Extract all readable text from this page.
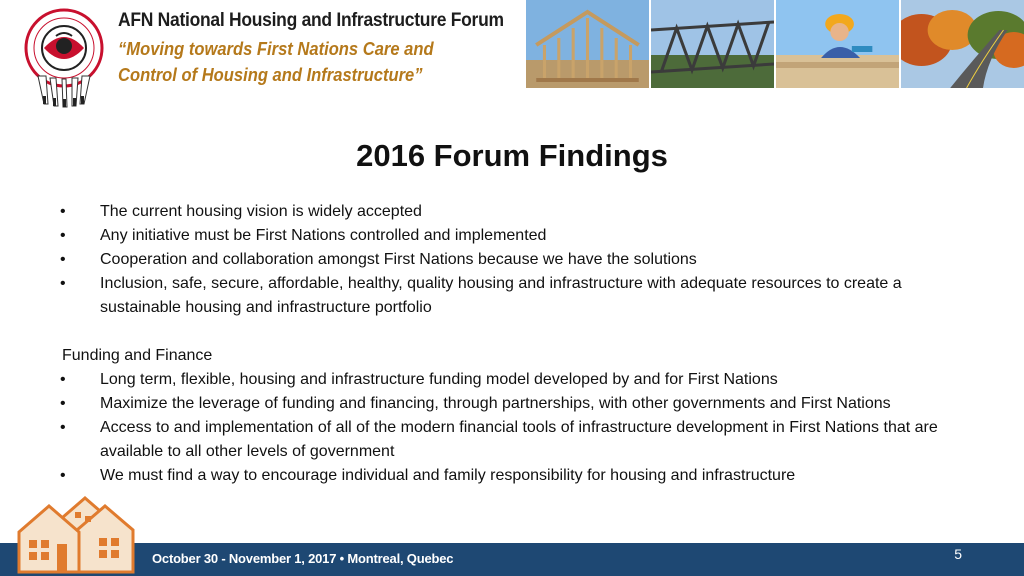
AFN National Housing and Infrastructure Forum
“Moving towards First Nations Care and
Control of Housing and Infrastructure”
2016 Forum Findings
• The current housing vision is widely accepted
• Any initiative must be First Nations controlled and implemented
• Cooperation and collaboration amongst First Nations because we have the solutions
• Inclusion, safe, secure, affordable, healthy, quality housing and infrastructure with adequate resources to create a sustainable housing and infrastructure portfolio
Funding and Finance
• Long term, flexible, housing and infrastructure funding model developed by and for First Nations
• Maximize the leverage of funding and financing, through partnerships, with other governments and First Nations
• Access to and implementation of all of the modern financial tools of infrastructure development in First Nations that are available to all other levels of government
• We must find a way to encourage individual and family responsibility for housing and infrastructure
October 30 - November 1, 2017 • Montreal, Quebec	5
